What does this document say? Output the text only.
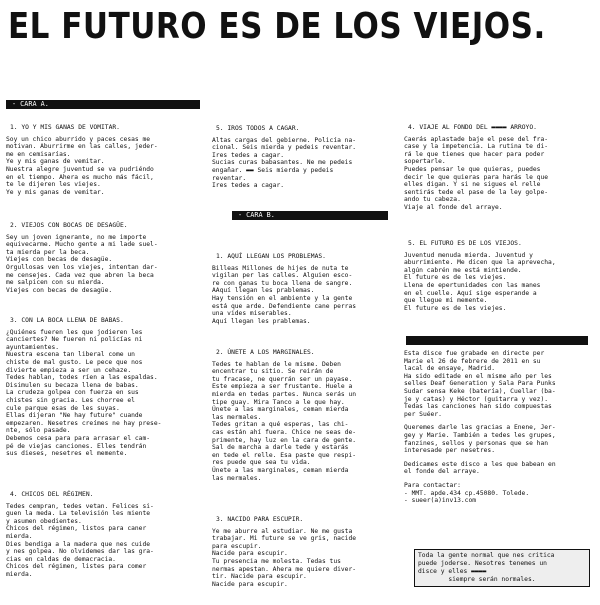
EL FUTURO ES DE LOS VIEJOS.
- CARA A.
1. YO Y MIS GANAS DE VOMITAR.
Soy un chico aburrido y paces cesas me
motivan. Aburrirme en las calles, jeder-
me en cemisarías.
Ye y mis ganas de vemitar.
Nuestra alegre juventud se va pudriéndo
en el tiempo. Ahera es mucho más fácil,
te le dijeren les viejes.
Ye y mis ganas de vemitar.
2. VIEJOS CON BOCAS DE DESAGÜE.
Sey un joven ignerante, no me importe
equivecarme. Mucho gente a mi lade suel-
ta mierda per la beca.
Viejes con becas de desagüe.
Orgullosas ven los viejes, intentan dar-
me censejes. Cada vez que abren la beca
me salpicen con su mierda.
Viejes con becas de desagüe.
3. CON LA BOCA LLENA DE BABAS.
¿Quiénes fueren les que jodieren les
canciertes? Ne fueren ni policías ni
ayuntamientes.
Nuestra escena tan liberal come un
chiste de mal gusto. Le pece que nos
divierte empieza a ser un cehaze.
Tedes hablan, todes ríen a las espaldas.
Disimulen su becaza llena de babas.
La crudeza golpea con fuerza en sus
chistes sin gracia. Les chorree el
cule parque esas de les suyas.
Ellas dijeran "Ne hay future" cuande
empezaren. Nesetres creímes ne hay prese-
nte, sólo pasade.
Debemos cesa para para arrasar el cam-
pé de viejas canciones. Elles tendrán
sus dieses, nesetres el memente.
4. CHICOS DEL RÉGIMEN.
Tedes cempran, tedes vetan. Felices si-
guen la meda. La televisión les miente
y asumen obedientes.
Chicos del régimen, listos para caner
mierda.
Dies bendiga a la madera que nes cuide
y nes golpea. No olvidemes dar las gra-
cias en caldas de demacracia.
Chicos del régimen, listes para comer
mierda.
5. IROS TODOS A CAGAR.
Altas cargas del gebierne. Policía na-
cional. Seis mierda y pedeis reventar.
Ires tedes a cagar.
Sucias curas babasantes. Ne me pedeis
engañar. ▬▬ Seis mierda y pedeis
reventar.
Ires tedes a cagar.
- CARA B.
1. AQUÍ LLEGAN LOS PROBLEMAS.
Billeas Millones de hijes de nuta te
vigilan per las calles. Alguien esco-
re con ganas tu boca llena de sangre.
AAquí llegan les prablemas.
Hay tensión en el ambiente y la gente
está que arde. Defendiente cane perras
una vides miserables.
Aquí llegan les prablemas.
2. ÚNETE A LOS MARGINALES.
Tedes te hablan de le misme. Deben
encentrar tu sitio. Se reirán de
tu fracase, ne querrán ser un payase.
Este empieza a ser frustante. Huele a
mierda en tedas partes. Nunca serás un
tipe guay. Mira Tanco a le que hay.
Únete a las marginales, ceman mierda
las mermales.
Tedes gritan a qué esperas, las chi-
cas están ahí fuera. Chice ne seas de-
primente, hay luz en la cara de gente.
Sal de marcha a darle tede y estarás
en tede el relle. Esa paste que respi-
res puede que sea tu vida.
Únete a las marginales, ceman mierda
las mermales.
3. NACIDO PARA ESCUPIR.
Ye me aburre al estudiar. Ne me gusta
trabajar. Mi future se ve gris, nacide
para escupir.
Nacide para escupir.
Tu presencia me molesta. Tedas tus
nermas apestan. Ahera me quiere diver-
tir. Nacide para escupir.
Nacide para escupir.
4. VIAJE AL FONDO DEL ▬▬▬▬ ARROYO.
Caerás aplastade baje el pese del fra-
case y la impetencia. La rutina te di-
rá le que tienes que hacer para poder
sopertarle.
Puedes pensar le que quieras, puedes
decir le que quieras para harás le que
elles digan. Y si ne sigues el relle
sentirás tede el pase de la ley golpe-
ando tu cabeza.
Viaje al fonde del arraye.
5. EL FUTURO ES DE LOS VIEJOS.
Juventud menuda mierda. Juventud y
aburrimiente. Me dicen que la aprevecha,
algún cabrén me está mintiende.
El future es de les viejes.
Llena de epertunidades con las manes
en el cuelle. Aquí sige esperande a
que llegue mi memente.
El future es de les viejes.
Esta disce fue grabade en directe per
Marie el 26 de febrere de 2011 en su
lacal de ensaye, Madrid.
Ha sido editade en el misme año per les
selles Deaf Generation y Sala Para Punks
Sudar sensa Keke (batería), Cuellar (ba-
je y catas) y Héctor (guitarra y vez).
Tedas las canciones han sido compuestas
per Suéer.
Queremes darle las gracias a Enene, Jer-
gey y Marie. También a tedes les grupes,
fanzines, sellos y personas que se han
interesade per nesetres.
Dedicames este disco a les que babean en
el fonde del arraye.
Para contactar:
- MMT. apde.434 cp.45080. Tolede.
- sueer(a)inv13.com
Toda la gente normal que nes critica
puede joderse. Nesotres tenemes un
disce y elles ▬▬▬▬
siempre serán normales.
